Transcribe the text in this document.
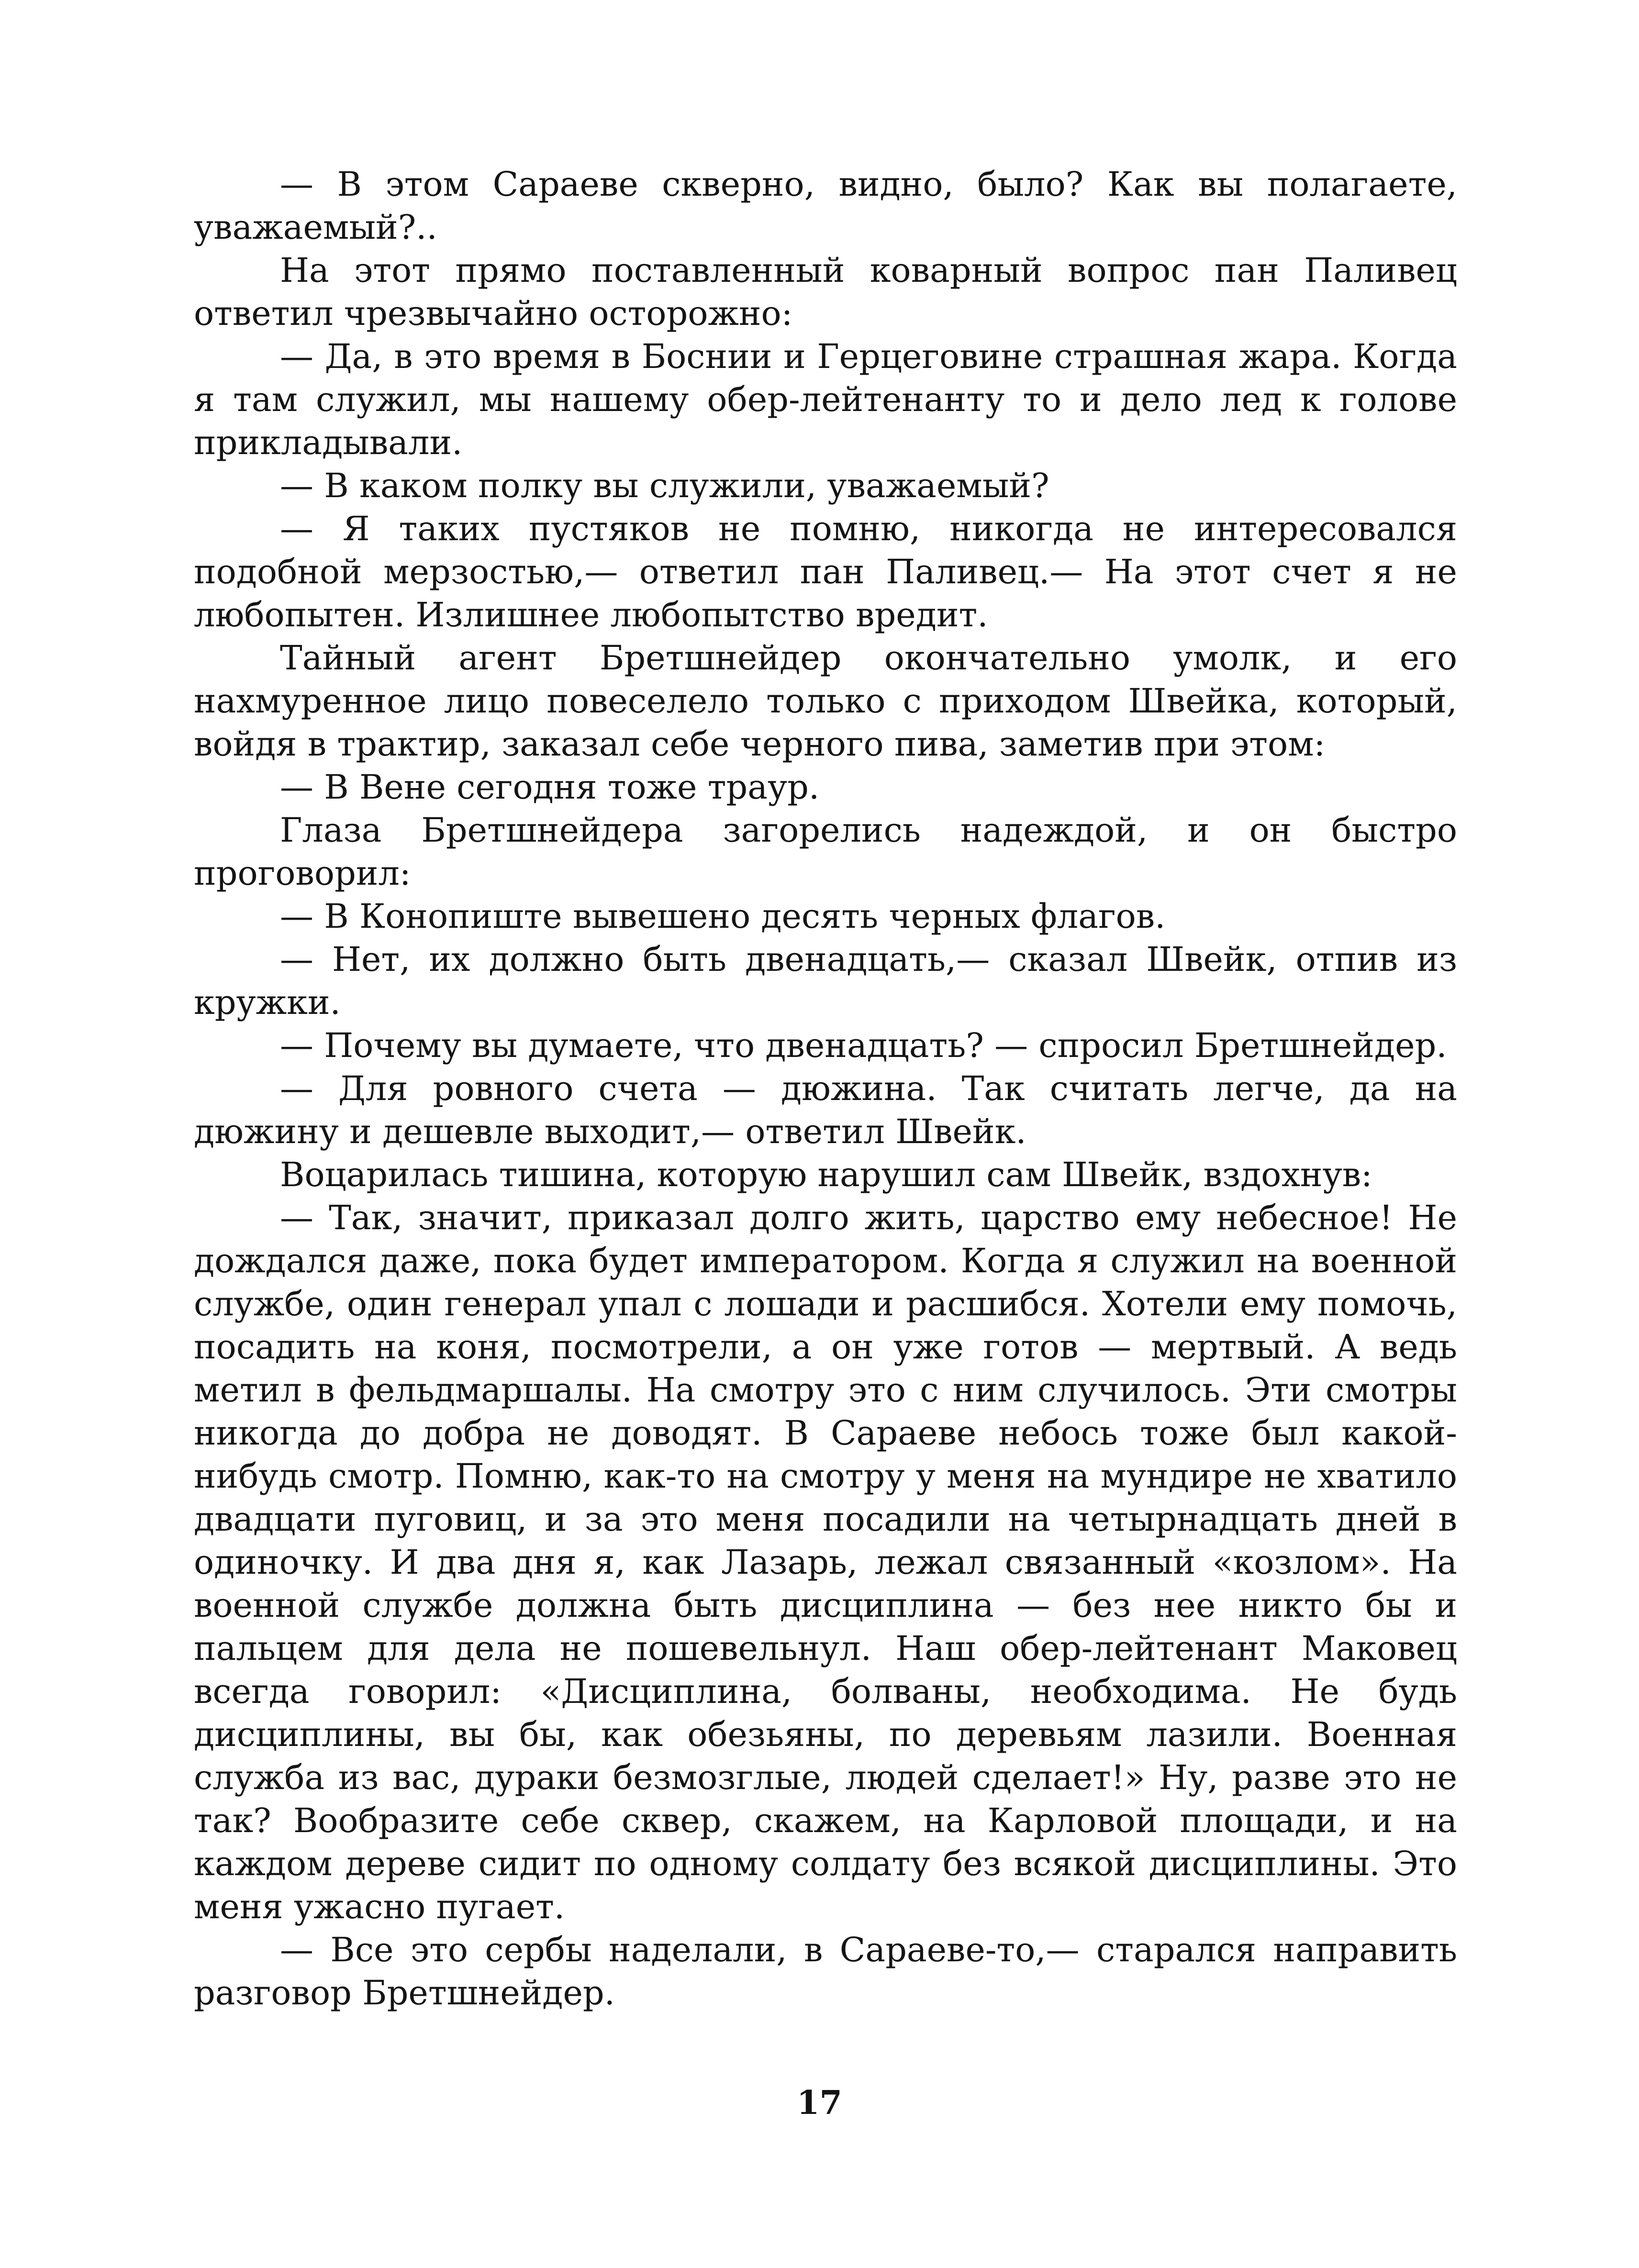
— В этом Сараеве скверно, видно, было? Как вы полагаете, уважаемый?..

На этот прямо поставленный коварный вопрос пан Паливец ответил чрезвычайно осторожно:

— Да, в это время в Боснии и Герцеговине страшная жара. Когда я там служил, мы нашему обер-лейтенанту то и дело лед к голове прикладывали.

— В каком полку вы служили, уважаемый?

— Я таких пустяков не помню, никогда не интересовался подобной мерзостью,— ответил пан Паливец.— На этот счет я не любопытен. Излишнее любопытство вредит.

Тайный агент Бретшнейдер окончательно умолк, и его нахмуренное лицо повеселело только с приходом Швейка, который, войдя в трактир, заказал себе черного пива, заметив при этом:

— В Вене сегодня тоже траур.

Глаза Бретшнейдера загорелись надеждой, и он быстро проговорил:

— В Конопиште вывешено десять черных флагов.

— Нет, их должно быть двенадцать,— сказал Швейк, отпив из кружки.

— Почему вы думаете, что двенадцать? — спросил Бретшнейдер.

— Для ровного счета — дюжина. Так считать легче, да на дюжину и дешевле выходит,— ответил Швейк.

Воцарилась тишина, которую нарушил сам Швейк, вздохнув:

— Так, значит, приказал долго жить, царство ему небесное! Не дождался даже, пока будет императором. Когда я служил на военной службе, один генерал упал с лошади и расшибся. Хотели ему помочь, посадить на коня, посмотрели, а он уже готов — мертвый. А ведь метил в фельдмаршалы. На смотру это с ним случилось. Эти смотры никогда до добра не доводят. В Сараеве небось тоже был какой-нибудь смотр. Помню, как-то на смотру у меня на мундире не хватило двадцати пуговиц, и за это меня посадили на четырнадцать дней в одиночку. И два дня я, как Лазарь, лежал связанный «козлом». На военной службе должна быть дисциплина — без нее никто бы и пальцем для дела не пошевельнул. Наш обер-лейтенант Маковец всегда говорил: «Дисциплина, болваны, необходима. Не будь дисциплины, вы бы, как обезьяны, по деревьям лазили. Военная служба из вас, дураки безмозглые, людей сделает!» Ну, разве это не так? Вообразите себе сквер, скажем, на Карловой площади, и на каждом дереве сидит по одному солдату без всякой дисциплины. Это меня ужасно пугает.

— Все это сербы наделали, в Сараеве-то,— старался направить разговор Бретшнейдер.

17
